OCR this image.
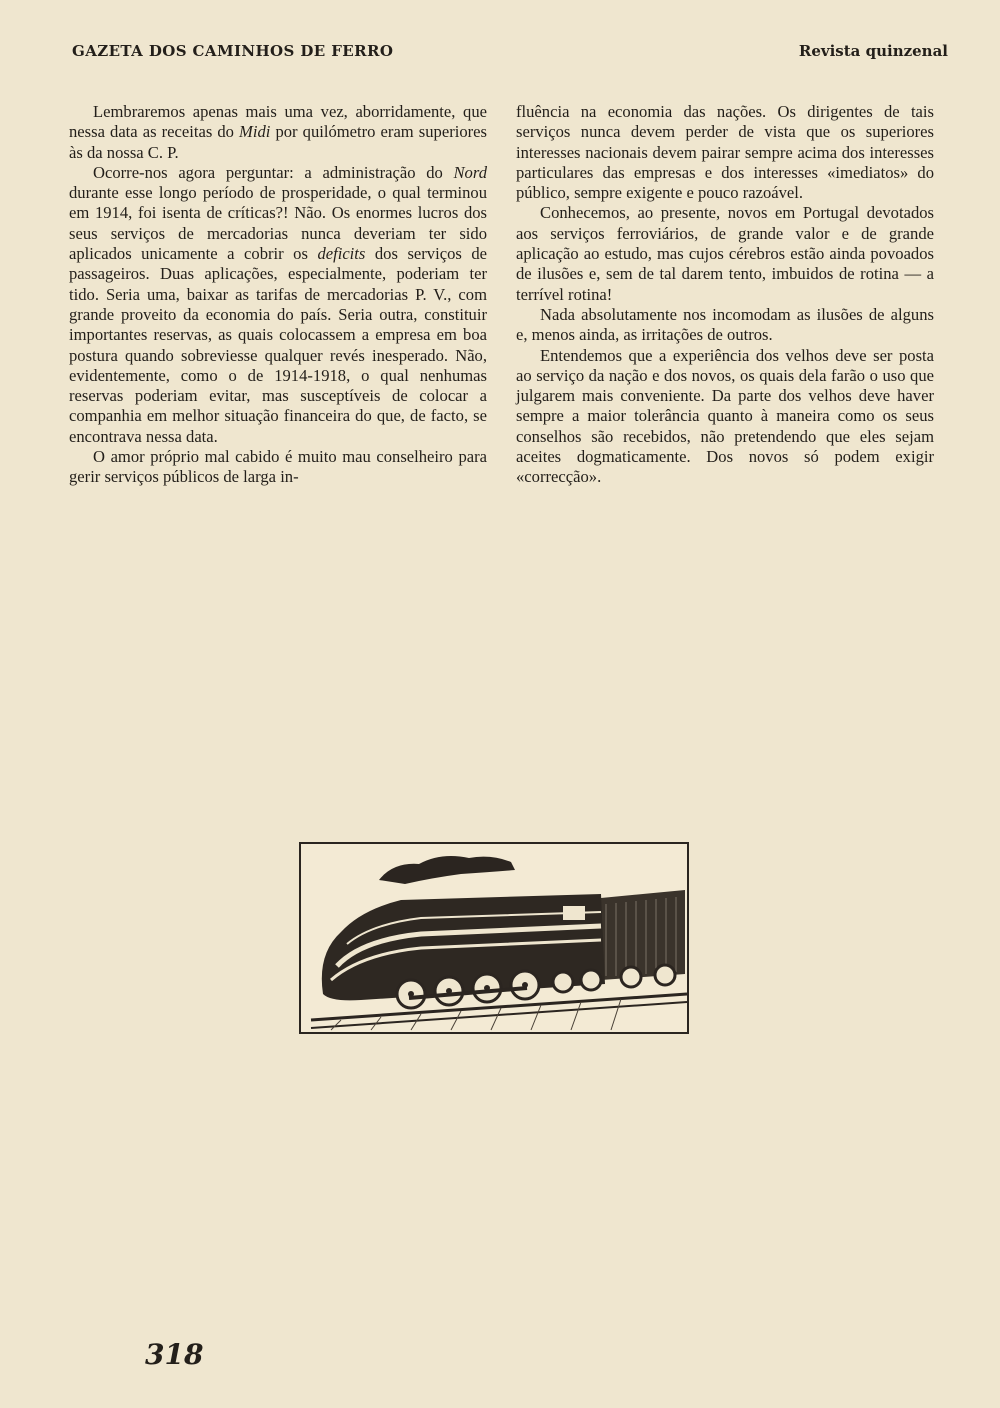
GAZETA DOS CAMINHOS DE FERRO	Revista quinzenal

Lembraremos apenas mais uma vez, aborridamente, que nessa data as receitas do Midi por quilómetro eram superiores às da nossa C. P.

Ocorre-nos agora perguntar: a administração do Nord durante esse longo período de prosperidade, o qual terminou em 1914, foi isenta de críticas?! Não. Os enormes lucros dos seus serviços de mercadorias nunca deveriam ter sido aplicados unicamente a cobrir os deficits dos serviços de passageiros. Duas aplicações, especialmente, poderiam ter tido. Seria uma, baixar as tarifas de mercadorias P. V., com grande proveito da economia do país. Seria outra, constituir importantes reservas, as quais colocassem a empresa em boa postura quando sobreviesse qualquer revés inesperado. Não, evidentemente, como o de 1914-1918, o qual nenhumas reservas poderiam evitar, mas susceptíveis de colocar a companhia em melhor situação financeira do que, de facto, se encontrava nessa data.

O amor próprio mal cabido é muito mau conselheiro para gerir serviços públicos de larga in-

fluência na economia das nações. Os dirigentes de tais serviços nunca devem perder de vista que os superiores interesses nacionais devem pairar sempre acima dos interesses particulares das empresas e dos interesses «imediatos» do público, sempre exigente e pouco razoável.

Conhecemos, ao presente, novos em Portugal devotados aos serviços ferroviários, de grande valor e de grande aplicação ao estudo, mas cujos cérebros estão ainda povoados de ilusões e, sem de tal darem tento, imbuidos de rotina — a terrível rotina!

Nada absolutamente nos incomodam as ilusões de alguns e, menos ainda, as irritações de outros.

Entendemos que a experiência dos velhos deve ser posta ao serviço da nação e dos novos, os quais dela farão o uso que julgarem mais conveniente. Da parte dos velhos deve haver sempre a maior tolerância quanto à maneira como os seus conselhos são recebidos, não pretendendo que eles sejam aceites dogmaticamente. Dos novos só podem exigir «correcção».

318
